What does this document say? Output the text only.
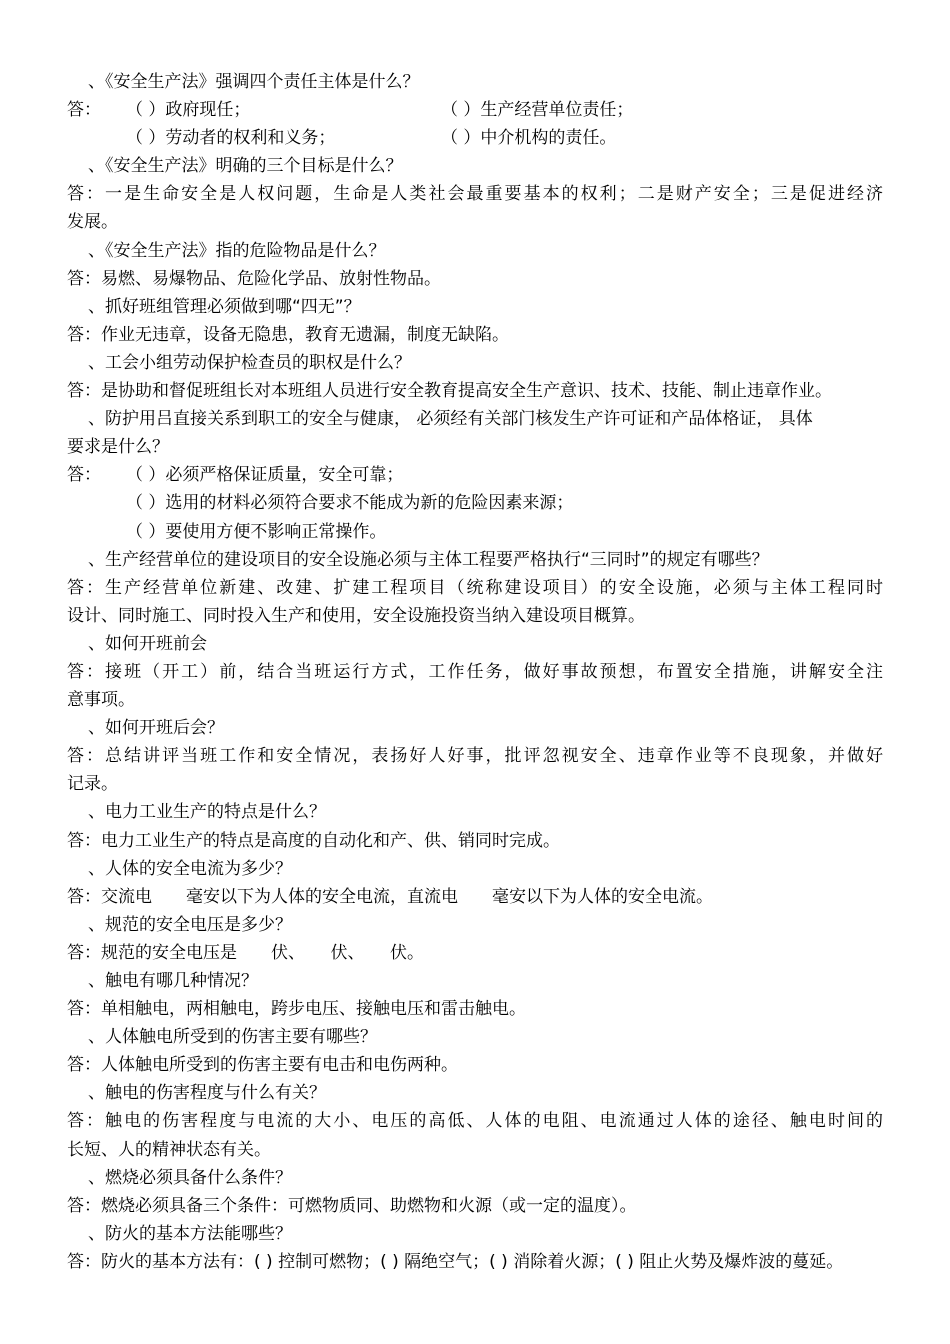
、《安全生产法》强调四个责任主体是什么？
答： （ ）政府现任；	（ ）生产经营单位责任；
（ ）劳动者的权利和义务；	（ ）中介机构的责任。
、《安全生产法》明确的三个目标是什么？
答：一是生命安全是人权问题，生命是人类社会最重要基本的权利；二是财产安全；三是促进经济
发展。
、《安全生产法》指的危险物品是什么？
答：易燃、易爆物品、危险化学品、放射性物品。
、抓好班组管理必须做到哪“四无”？
答：作业无违章，设备无隐患，教育无遗漏，制度无缺陷。
、工会小组劳动保护检查员的职权是什么？
答：是协助和督促班组长对本班组人员进行安全教育提高安全生产意识、技术、技能、制止违章作业。
、防护用吕直接关系到职工的安全与健康， 必须经有关部门核发生产许可证和产品体格证， 具体
要求是什么？
答： （ ）必须严格保证质量，安全可靠；
（ ）选用的材料必须符合要求不能成为新的危险因素来源；
（ ）要使用方便不影响正常操作。
、生产经营单位的建设项目的安全设施必须与主体工程要严格执行“三同时”的规定有哪些？
答：生产经营单位新建、改建、扩建工程项目（统称建设项目）的安全设施，必须与主体工程同时
设计、同时施工、同时投入生产和使用，安全设施投资当纳入建设项目概算。
、如何开班前会
答：接班（开工）前，结合当班运行方式，工作任务，做好事故预想，布置安全措施，讲解安全注
意事项。
、如何开班后会？
答：总结讲评当班工作和安全情况，表扬好人好事，批评忽视安全、违章作业等不良现象，并做好
记录。
、电力工业生产的特点是什么？
答：电力工业生产的特点是高度的自动化和产、供、销同时完成。
、人体的安全电流为多少？
答：交流电　　毫安以下为人体的安全电流，直流电　　毫安以下为人体的安全电流。
、规范的安全电压是多少？
答：规范的安全电压是　　伏、　　伏、　　伏。
、触电有哪几种情况？
答：单相触电，两相触电，跨步电压、接触电压和雷击触电。
、人体触电所受到的伤害主要有哪些？
答：人体触电所受到的伤害主要有电击和电伤两种。
、触电的伤害程度与什么有关？
答：触电的伤害程度与电流的大小、电压的高低、人体的电阻、电流通过人体的途径、触电时间的
长短、人的精神状态有关。
、燃烧必须具备什么条件？
答：燃烧必须具备三个条件：可燃物质同、助燃物和火源（或一定的温度）。
、防火的基本方法能哪些？
答：防火的基本方法有：( ) 控制可燃物；( ) 隔绝空气；( ) 消除着火源；( ) 阻止火势及爆炸波的蔓延。
